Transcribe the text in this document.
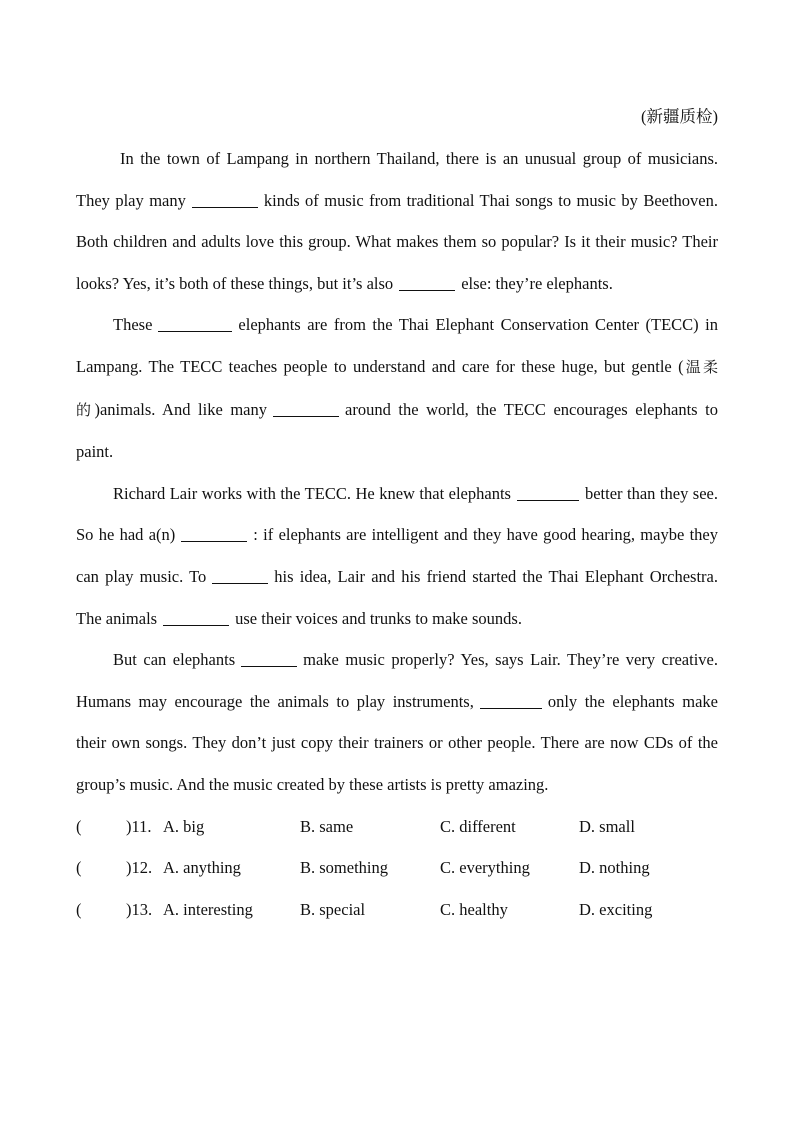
(新疆质检)

In the town of Lampang in northern Thailand, there is an unusual group of musicians. They play many	kinds of music from traditional Thai songs to music by Beethoven. Both children and adults love this group. What makes them so popular? Is it their music? Their looks? Yes, it’s both of these things, but it’s also	else: they’re elephants.

These	elephants are from the Thai Elephant Conservation Center (TECC) in Lampang. The TECC teaches people to understand and care for these huge, but gentle (温柔的)animals. And like many	around the world, the TECC encourages elephants to paint.

Richard Lair works with the TECC. He knew that elephants	better than they see. So he had a(n)	: if elephants are intelligent and they have good hearing, maybe they can play music. To	his idea, Lair and his friend started the Thai Elephant Orchestra. The animals	use their voices and trunks to make sounds.

But can elephants	make music properly? Yes, says Lair. They’re very creative. Humans may encourage the animals to play instruments,	only the elephants make their own songs. They don’t just copy their trainers or other people. There are now CDs of the group’s music. And the music created by these artists is pretty amazing.

(	)11. A. big	B. same	C. different	D. small
(	)12. A. anything	B. something	C. everything	D. nothing
(	)13. A. interesting	B. special	C. healthy	D. exciting
